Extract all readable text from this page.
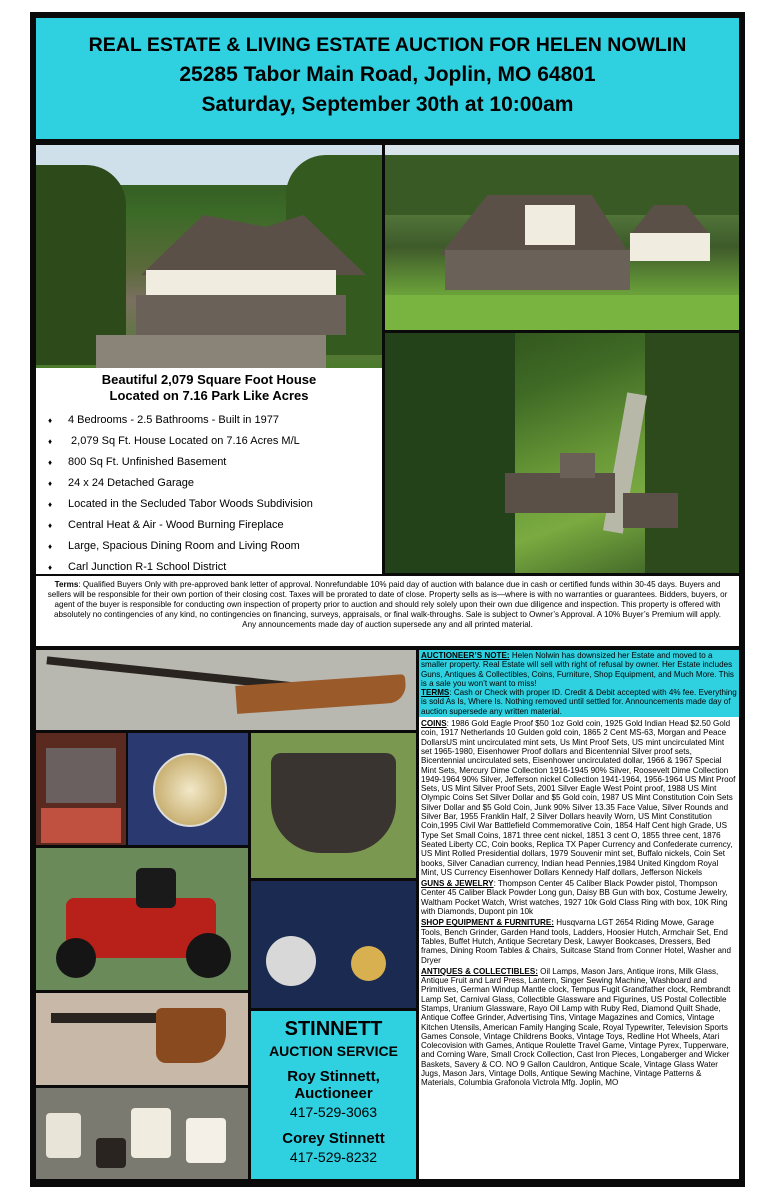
REAL ESTATE & LIVING ESTATE AUCTION FOR HELEN NOWLIN
25285 Tabor Main Road, Joplin, MO 64801
Saturday, September 30th at 10:00am
Beautiful 2,079 Square Foot House
Located on 7.16 Park Like Acres
♦ 4 Bedrooms - 2.5 Bathrooms - Built in 1977
♦ 2,079 Sq Ft. House Located on 7.16 Acres M/L
♦ 800 Sq Ft. Unfinished Basement
♦ 24 x 24 Detached Garage
♦ Located in the Secluded Tabor Woods Subdivision
♦ Central Heat & Air - Wood Burning Fireplace
♦ Large, Spacious Dining Room and Living Room
♦ Carl Junction R-1 School District
Terms: Qualified Buyers Only with pre-approved bank letter of approval. Nonrefundable 10% paid day of auction with balance due in cash or certified funds within 30-45 days. Buyers and sellers will be responsible for their own portion of their closing cost. Taxes will be prorated to date of close. Property sells as is—where is with no warranties or guarantees. Bidders, buyers, or agent of the buyer is responsible for conducting own inspection of property prior to auction and should rely solely upon their own due diligence and inspection. This property is offered with absolutely no contingencies of any kind, no contingencies on financing, surveys, appraisals, or final walk-throughs. Sale is subject to Owner’s Approval. A 10% Buyer’s Premium will apply.
Any announcements made day of auction supersede any and all printed material.
STINNETT
AUCTION SERVICE
Roy Stinnett,
Auctioneer
417-529-3063
Corey Stinnett
417-529-8232
AUCTIONEER’S NOTE: Helen Nolwin has downsized her Estate and moved to a smaller property. Real Estate will sell with right of refusal by owner. Her Estate includes Guns, Antiques & Collectibles, Coins, Furniture, Shop Equipment, and Much More. This is a sale you won’t want to miss!
TERMS: Cash or Check with proper ID. Credit & Debit accepted with 4% fee. Everything is sold As Is, Where Is. Nothing removed until settled for. Announcements made day of auction supersede any written material.
COINS: 1986 Gold Eagle Proof $50 1oz Gold coin, 1925 Gold Indian Head $2.50 Gold coin, 1917 Netherlands 10 Gulden gold coin, 1865 2 Cent MS-63, Morgan and Peace DollarsUS mint uncirculated mint sets, Us Mint Proof Sets, US mint uncirculated Mint set 1965-1980, Eisenhower Proof dollars and Bicentennial Silver proof sets, Bicentennial uncirculated sets, Eisenhower uncirculated dollar, 1966 & 1967 Special Mint Sets, Mercury Dime Collection 1916-1945 90% Silver, Roosevelt Dime Collection 1949-1964 90% Silver, Jefferson nickel Collection 1941-1964, 1956-1964 US Mint Proof Sets, US Mint Silver Proof Sets, 2001 Silver Eagle West Point proof, 1988 US Mint Olympic Coins Set Silver Dollar and $5 Gold coin, 1987 US Mint Constitution Coin Sets Silver Dollar and $5 Gold Coin, Junk 90% Silver 13.35 Face Value, Silver Rounds and Silver Bar, 1955 Franklin Half, 2 Silver Dollars heavily Worn, US Mint Constitution Coin,1995 Civil War Battlefield Commemorative Coin, 1854 Half Cent high Grade, US Type Set Small Coins, 1871 three cent nickel, 1851 3 cent O, 1855 three cent, 1876 Seated Liberty CC, Coin books, Replica TX Paper Currency and Confederate currency, US Mint Rolled Presidential dollars, 1979 Souvenir mint set, Buffalo nickels, Coin Set books, Silver Canadian currency, Indian head Pennies,1984 United Kingdom Royal Mint, US Currency Eisenhower Dollars Kennedy Half dollars, Jefferson Nickels
GUNS & JEWELRY: Thompson Center 45 Caliber Black Powder pistol, Thompson Center 45 Caliber Black Powder Long gun, Daisy BB Gun with box, Costume Jewelry, Waltham Pocket Watch, Wrist watches, 1927 10k Gold Class Ring with box, 10K Ring with Diamonds, Dupont pin 10k
SHOP EQUIPMENT & FURNITURE: Husqvarna LGT 2654 Riding Mowe, Garage Tools, Bench Grinder, Garden Hand tools, Ladders, Hoosier Hutch, Armchair Set, End Tables, Buffet Hutch, Antique Secretary Desk, Lawyer Bookcases, Dressers, Bed frames, Dining Room Tables & Chairs, Suitcase Stand from Conner Hotel, Washer and Dryer
ANTIQUES & COLLECTIBLES: Oil Lamps, Mason Jars, Antique irons, Milk Glass, Antique Fruit and Lard Press, Lantern, Singer Sewing Machine, Washboard and Primitives, German Windup Mantle clock, Tempus Fugit Grandfather clock, Rembrandt Lamp Set, Carnival Glass, Collectible Glassware and Figurines, US Postal Collectible Stamps, Uranium Glassware, Rayo Oil Lamp with Ruby Red, Diamond Quilt Shade, Antique Coffee Grinder, Advertising Tins, Vintage Magazines and Comics, Vintage Kitchen Utensils, American Family Hanging Scale, Royal Typewriter, Television Sports Games Console, Vintage Childrens Books, Vintage Toys, Redline Hot Wheels, Atari Colecovision with Games, Antique Roulette Travel Game, Vintage Pyrex, Tupperware, and Corning Ware, Small Crock Collection, Cast Iron Pieces, Longaberger and Wicker Baskets, Savery & CO. NO 9 Gallon Cauldron, Antique Scale, Vintage Glass Water Jugs, Mason Jars, Vintage Dolls, Antique Sewing Machine, Vintage Patterns & Materials, Columbia Grafonola Victrola Mfg. Joplin, MO
